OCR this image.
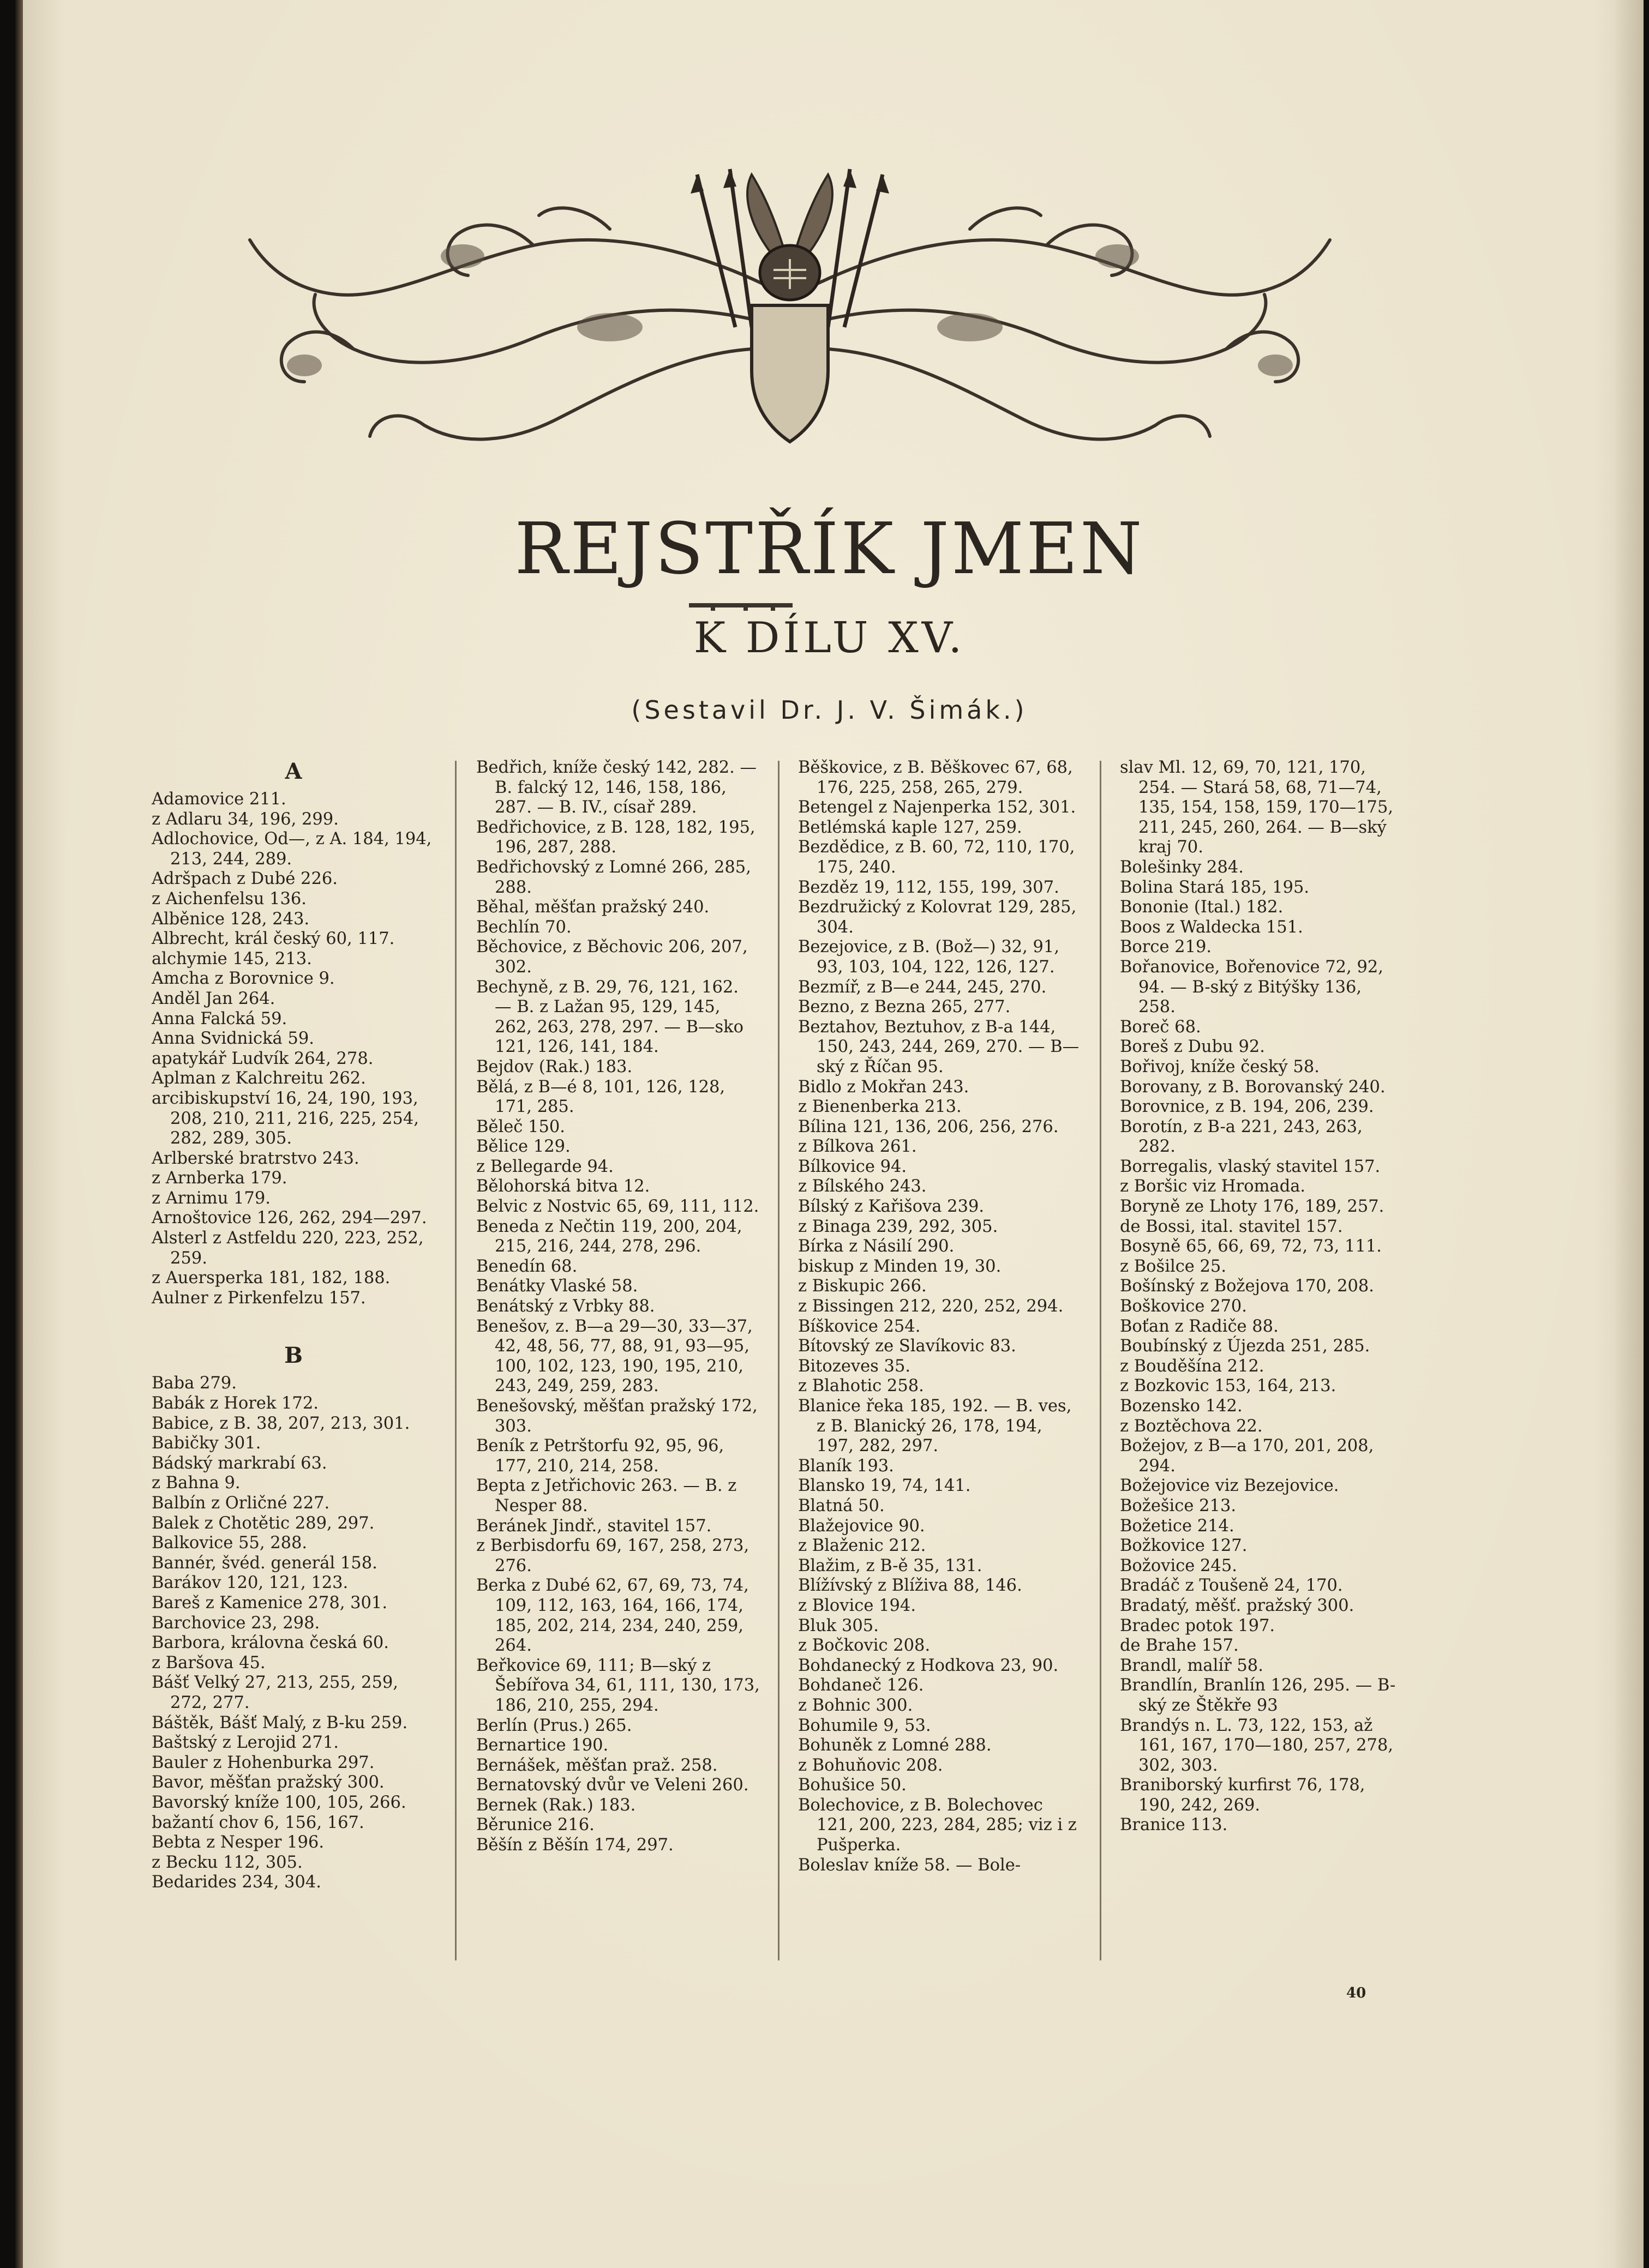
REJSTŘÍK JMEN
K DÍLU XV.
(Sestavil Dr. J. V. Šimák.)
A
Adamovice 211.
z Adlaru 34, 196, 299.
Adlochovice, Od—, z A. 184, 194, 213, 244, 289.
Adršpach z Dubé 226.
z Aichenfelsu 136.
Alběnice 128, 243.
Albrecht, král český 60, 117.
alchymie 145, 213.
Amcha z Borovnice 9.
Anděl Jan 264.
Anna Falcká 59.
Anna Svidnická 59.
apatykář Ludvík 264, 278.
Aplman z Kalchreitu 262.
arcibiskupství 16, 24, 190, 193, 208, 210, 211, 216, 225, 254, 282, 289, 305.
Arlberské bratrstvo 243.
z Arnberka 179.
z Arnimu 179.
Arnoštovice 126, 262, 294—297.
Alsterl z Astfeldu 220, 223, 252, 259.
z Auersperka 181, 182, 188.
Aulner z Pirkenfelzu 157.
B
Baba 279.
Babák z Horek 172.
Babice, z B. 38, 207, 213, 301.
Babičky 301.
Bádský markrabí 63.
z Bahna 9.
Balbín z Orličné 227.
Balek z Chotětic 289, 297.
Balkovice 55, 288.
Bannér, švéd. generál 158.
Barákov 120, 121, 123.
Bareš z Kamenice 278, 301.
Barchovice 23, 298.
Barbora, královna česká 60.
z Baršova 45.
Bášť Velký 27, 213, 255, 259, 272, 277.
Báštěk, Bášť Malý, z B-ku 259.
Baštský z Lerojid 271.
Bauler z Hohenburka 297.
Bavor, měšťan pražský 300.
Bavorský kníže 100, 105, 266.
bažantí chov 6, 156, 167.
Bebta z Nesper 196.
z Becku 112, 305.
Bedarides 234, 304.
Bedřich, kníže český 142, 282. — B. falcký 12, 146, 158, 186, 287. — B. IV., císař 289.
Bedřichovice, z B. 128, 182, 195, 196, 287, 288.
Bedřichovský z Lomné 266, 285, 288.
Běhal, měšťan pražský 240.
Bechlín 70.
Běchovice, z Běchovic 206, 207, 302.
Bechyně, z B. 29, 76, 121, 162. — B. z Lažan 95, 129, 145, 262, 263, 278, 297. — B—sko 121, 126, 141, 184.
Bejdov (Rak.) 183.
Bělá, z B—é 8, 101, 126, 128, 171, 285.
Běleč 150.
Bělice 129.
z Bellegarde 94.
Bělohorská bitva 12.
Belvic z Nostvic 65, 69, 111, 112.
Beneda z Nečtin 119, 200, 204, 215, 216, 244, 278, 296.
Benedín 68.
Benátky Vlaské 58.
Benátský z Vrbky 88.
Benešov, z. B—a 29—30, 33—37, 42, 48, 56, 77, 88, 91, 93—95, 100, 102, 123, 190, 195, 210, 243, 249, 259, 283.
Benešovský, měšťan pražský 172, 303.
Beník z Petrštorfu 92, 95, 96, 177, 210, 214, 258.
Bepta z Jetřichovic 263. — B. z Nesper 88.
Beránek Jindř., stavitel 157.
z Berbisdorfu 69, 167, 258, 273, 276.
Berka z Dubé 62, 67, 69, 73, 74, 109, 112, 163, 164, 166, 174, 185, 202, 214, 234, 240, 259, 264.
Beřkovice 69, 111; B—ský z Šebířova 34, 61, 111, 130, 173, 186, 210, 255, 294.
Berlín (Prus.) 265.
Bernartice 190.
Bernášek, měšťan praž. 258.
Bernatovský dvůr ve Veleni 260.
Bernek (Rak.) 183.
Běrunice 216.
Běšín z Běšín 174, 297.
Běškovice, z B. Běškovec 67, 68, 176, 225, 258, 265, 279.
Betengel z Najenperka 152, 301.
Betlémská kaple 127, 259.
Bezdědice, z B. 60, 72, 110, 170, 175, 240.
Bezděz 19, 112, 155, 199, 307.
Bezdružický z Kolovrat 129, 285, 304.
Bezejovice, z B. (Bož—) 32, 91, 93, 103, 104, 122, 126, 127.
Bezmíř, z B—e 244, 245, 270.
Bezno, z Bezna 265, 277.
Beztahov, Beztuhov, z B-a 144, 150, 243, 244, 269, 270. — B—ský z Říčan 95.
Bidlo z Mokřan 243.
z Bienenberka 213.
Bílina 121, 136, 206, 256, 276.
z Bílkova 261.
Bílkovice 94.
z Bílského 243.
Bílský z Kařišova 239.
z Binaga 239, 292, 305.
Bírka z Násilí 290.
biskup z Minden 19, 30.
z Biskupic 266.
z Bissingen 212, 220, 252, 294.
Bíškovice 254.
Bítovský ze Slavíkovic 83.
Bitozeves 35.
z Blahotic 258.
Blanice řeka 185, 192. — B. ves, z B. Blanický 26, 178, 194, 197, 282, 297.
Blaník 193.
Blansko 19, 74, 141.
Blatná 50.
Blažejovice 90.
z Blaženic 212.
Blažim, z B-ě 35, 131.
Blížívský z Blíživa 88, 146.
z Blovice 194.
Bluk 305.
z Bočkovic 208.
Bohdanecký z Hodkova 23, 90.
Bohdaneč 126.
z Bohnic 300.
Bohumile 9, 53.
Bohuněk z Lomné 288.
z Bohuňovic 208.
Bohušice 50.
Bolechovice, z B. Bolechovec 121, 200, 223, 284, 285; viz i z Pušperka.
Boleslav kníže 58. — Bole-
slav Ml. 12, 69, 70, 121, 170, 254. — Stará 58, 68, 71—74, 135, 154, 158, 159, 170—175, 211, 245, 260, 264. — B—ský kraj 70.
Bolešinky 284.
Bolina Stará 185, 195.
Bononie (Ital.) 182.
Boos z Waldecka 151.
Borce 219.
Bořanovice, Bořenovice 72, 92, 94. — B-ský z Bitýšky 136, 258.
Boreč 68.
Boreš z Dubu 92.
Bořivoj, kníže český 58.
Borovany, z B. Borovanský 240.
Borovnice, z B. 194, 206, 239.
Borotín, z B-a 221, 243, 263, 282.
Borregalis, vlaský stavitel 157.
z Boršic viz Hromada.
Boryně ze Lhoty 176, 189, 257.
de Bossi, ital. stavitel 157.
Bosyně 65, 66, 69, 72, 73, 111.
z Bošilce 25.
Bošínský z Božejova 170, 208.
Boškovice 270.
Boťan z Radiče 88.
Boubínský z Újezda 251, 285.
z Bouděšína 212.
z Bozkovic 153, 164, 213.
Bozensko 142.
z Boztěchova 22.
Božejov, z B—a 170, 201, 208, 294.
Božejovice viz Bezejovice.
Božešice 213.
Božetice 214.
Božkovice 127.
Božovice 245.
Bradáč z Toušeně 24, 170.
Bradatý, měšť. pražský 300.
Bradec potok 197.
de Brahe 157.
Brandl, malíř 58.
Brandlín, Branlín 126, 295. — B-ský ze Štěkře 93
Brandýs n. L. 73, 122, 153, až 161, 167, 170—180, 257, 278, 302, 303.
Braniborský kurfirst 76, 178, 190, 242, 269.
Branice 113.
40
